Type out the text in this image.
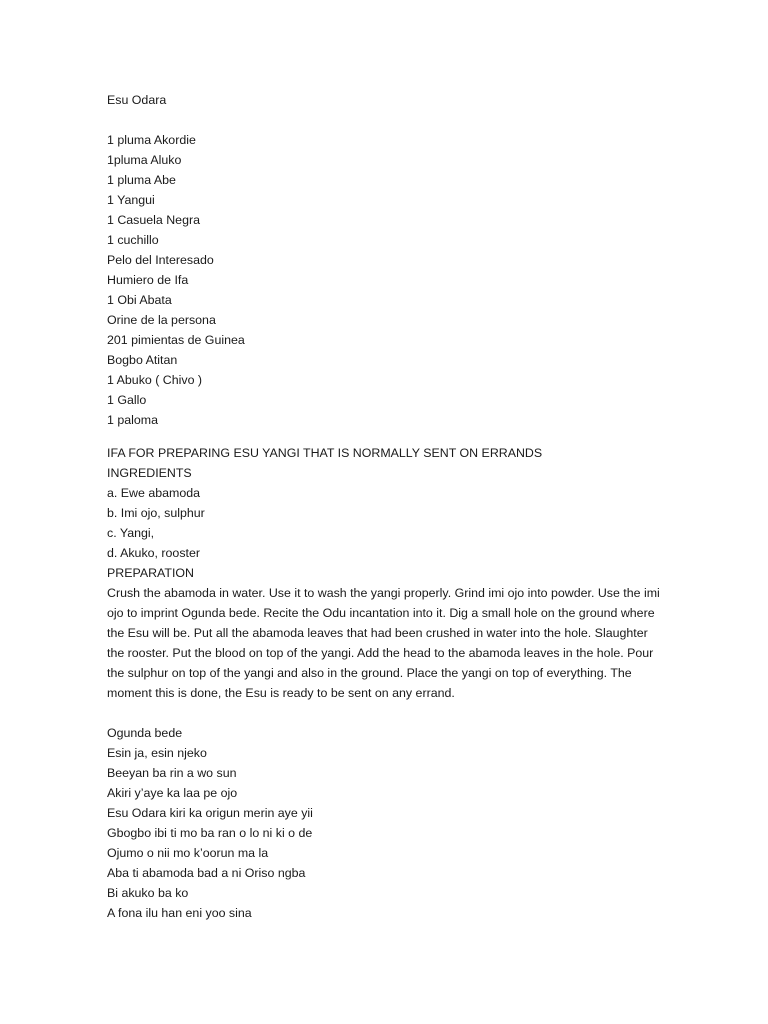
Esu Odara
1 pluma Akordie
1pluma Aluko
1 pluma Abe
1 Yangui
1 Casuela Negra
1 cuchillo
Pelo del Interesado
Humiero de Ifa
1 Obi Abata
Orine de la persona
201 pimientas de Guinea
Bogbo Atitan
1 Abuko ( Chivo )
1 Gallo
1 paloma
IFA FOR PREPARING ESU YANGI THAT IS NORMALLY SENT ON ERRANDS
INGREDIENTS
a. Ewe abamoda
b. Imi ojo, sulphur
c. Yangi,
d. Akuko, rooster
PREPARATION
Crush the abamoda in water. Use it to wash the yangi properly. Grind imi ojo into powder. Use the imi ojo to imprint Ogunda bede. Recite the Odu incantation into it. Dig a small hole on the ground where the Esu will be. Put all the abamoda leaves that had been crushed in water into the hole. Slaughter the rooster. Put the blood on top of the yangi. Add the head to the abamoda leaves in the hole. Pour the sulphur on top of the yangi and also in the ground. Place the yangi on top of everything. The moment this is done, the Esu is ready to be sent on any errand.
Ogunda bede
Esin ja, esin njeko
Beeyan ba rin a wo sun
Akiri y’aye ka laa pe ojo
Esu Odara kiri ka origun merin aye yii
Gbogbo ibi ti mo ba ran o lo ni ki o de
Ojumo o nii mo k’oorun ma la
Aba ti abamoda bad a ni Oriso ngba
Bi akuko ba ko
A fona ilu han eni yoo sina
